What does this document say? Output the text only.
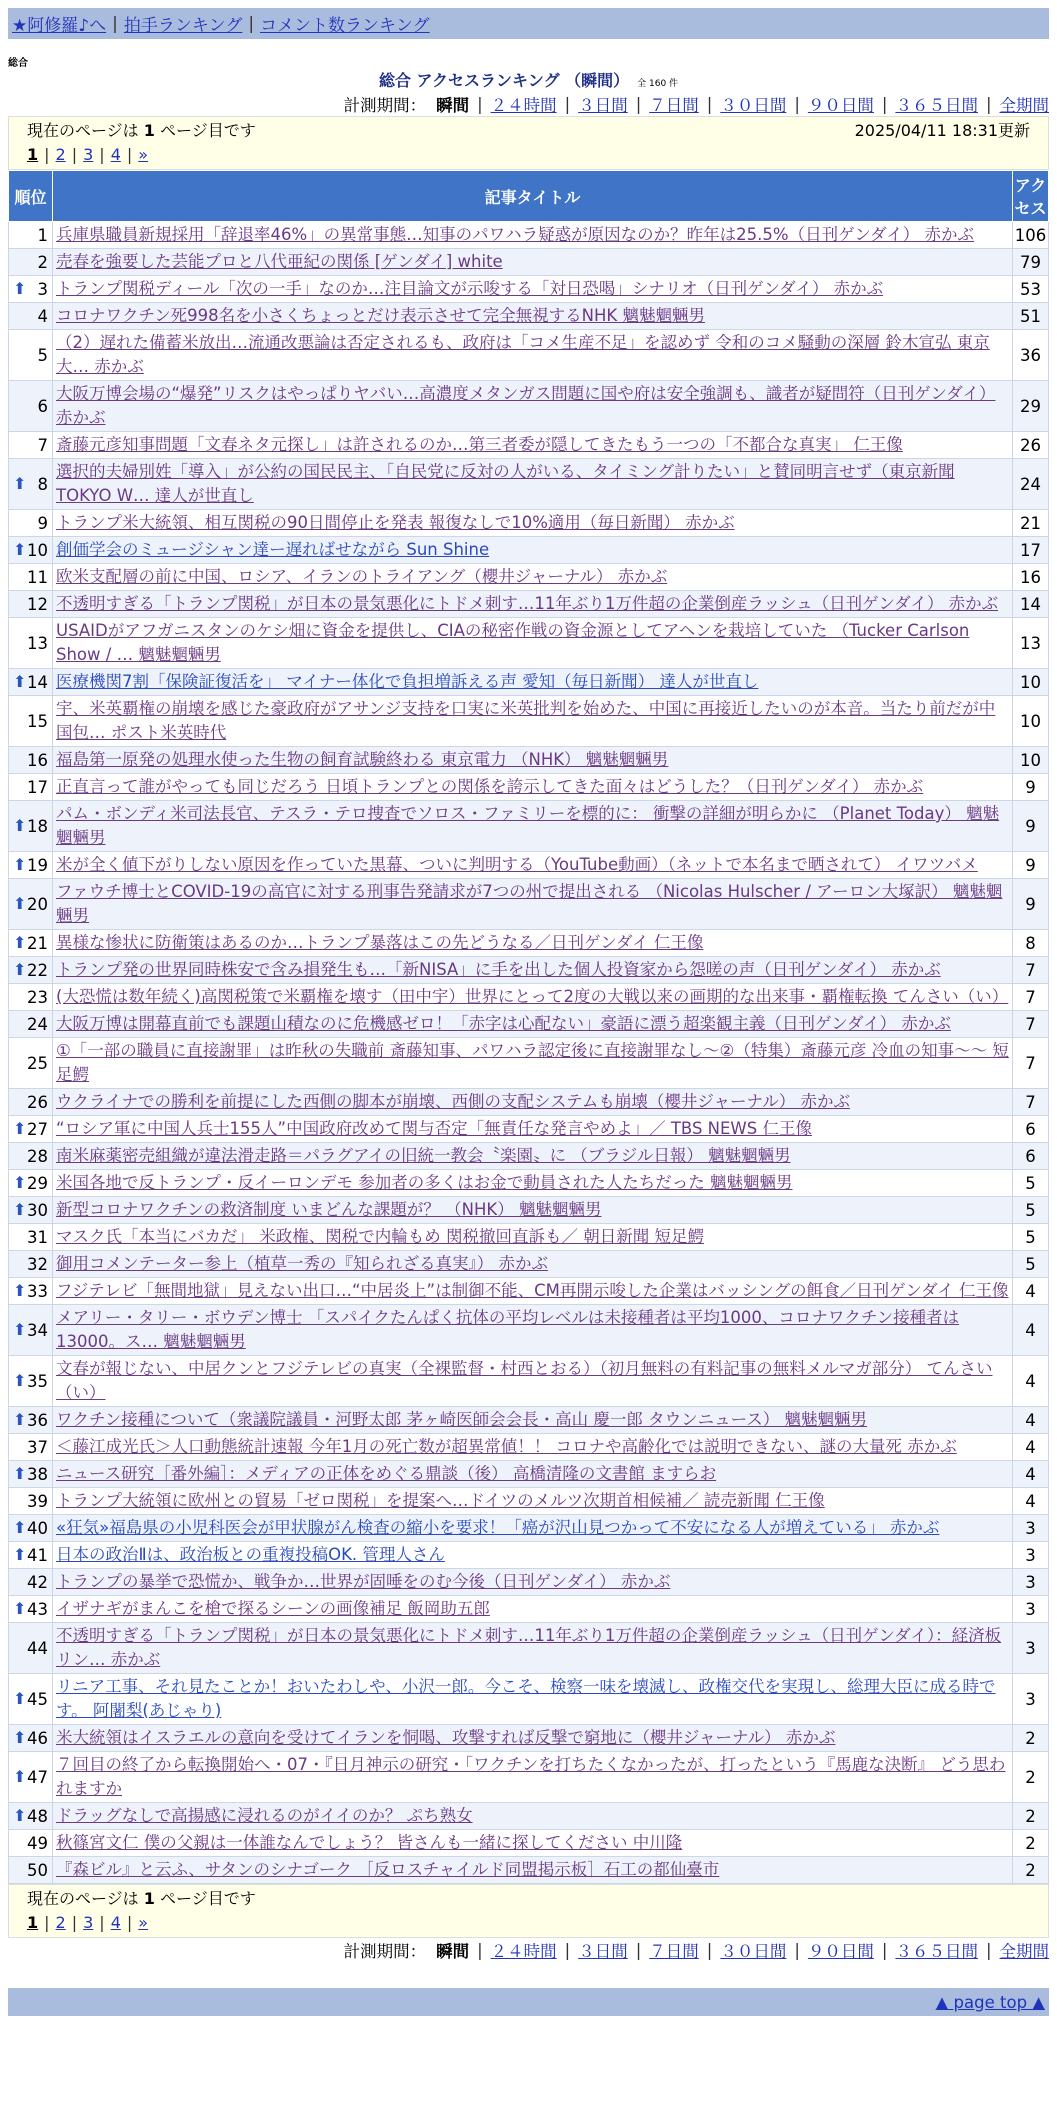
★阿修羅♪へ | 拍手ランキング | コメント数ランキング
総合
総合 アクセスランキング （瞬間） 全 160 件
計測期間： 瞬間 | ２４時間 | ３日間 | ７日間 | ３０日間 | ９０日間 | ３６５日間 | 全期間
現在のページは 1 ページ目です	2025/04/11 18:31更新
1 | 2 | 3 | 4 | »
順位	記事タイトル	アクセス
1	兵庫県職員新規採用「辞退率46%」の異常事態…知事のパワハラ疑惑が原因なのか？昨年は25.5%（日刊ゲンダイ） 赤かぶ	106
2	売春を強要した芸能プロと八代亜紀の関係 [ゲンダイ] white	79

⬆ 3	トランプ関税ディール「次の一手」なのか…注目論文が示唆する「対日恐喝」シナリオ（日刊ゲンダイ） 赤かぶ	53
4	コロナワクチン死998名を小さくちょっとだけ表示させて完全無視するNHK 魑魅魍魎男	51
5	（2）遅れた備蓄米放出…流通改悪論は否定されるも、政府は「コメ生産不足」を認めず 令和のコメ騒動の深層 鈴木宣弘 東京大… 赤かぶ	36
6	大阪万博会場の“爆発”リスクはやっぱりヤバい…高濃度メタンガス問題に国や府は安全強調も、識者が疑問符（日刊ゲンダイ） 赤かぶ	29
7	斎藤元彦知事問題「文春ネタ元探し」は許されるのか…第三者委が隠してきたもう一つの「不都合な真実」 仁王像	26

⬆ 8	選択的夫婦別姓「導入」が公約の国民民主、「自民党に反対の人がいる、タイミング計りたい」と賛同明言せず（東京新聞 TOKYO W… 達人が世直し	24
9	トランプ米大統領、相互関税の90日間停止を発表 報復なしで10%適用（毎日新聞） 赤かぶ	21

⬆ 10	創価学会のミュージシャン達ー遅ればせながら Sun Shine	17
11	欧米支配層の前に中国、ロシア、イランのトライアング（櫻井ジャーナル） 赤かぶ	16
12	不透明すぎる「トランプ関税」が日本の景気悪化にトドメ刺す…11年ぶり1万件超の企業倒産ラッシュ（日刊ゲンダイ） 赤かぶ	14
13	USAIDがアフガニスタンのケシ畑に資金を提供し、CIAの秘密作戦の資金源としてアヘンを栽培していた （Tucker Carlson Show / … 魑魅魍魎男	13

⬆ 14	医療機関7割「保険証復活を」 マイナー体化で負担増訴える声 愛知（毎日新聞） 達人が世直し	10
15	宇、米英覇権の崩壊を感じた豪政府がアサンジ支持を口実に米英批判を始めた、中国に再接近したいのが本音。当たり前だが中国包… ポスト米英時代	10
16	福島第一原発の処理水使った生物の飼育試験終わる 東京電力 （NHK） 魑魅魍魎男	10
17	正直言って誰がやっても同じだろう 日頃トランプとの関係を誇示してきた面々はどうした？（日刊ゲンダイ） 赤かぶ	9

⬆ 18	パム・ボンディ米司法長官、テスラ・テロ捜査でソロス・ファミリーを標的に： 衝撃の詳細が明らかに （Planet Today） 魑魅魍魎男	9

⬆ 19	米が全く値下がりしない原因を作っていた黒幕、ついに判明する（YouTube動画）（ネットで本名まで晒されて） イワツバメ	9

⬆ 20	ファウチ博士とCOVID-19の高官に対する刑事告発請求が7つの州で提出される （Nicolas Hulscher / アーロン大塚訳） 魑魅魍魎男	9

⬆ 21	異様な惨状に防衛策はあるのか…トランプ暴落はこの先どうなる／日刊ゲンダイ 仁王像	8

⬆ 22	トランプ発の世界同時株安で含み損発生も…「新NISA」に手を出した個人投資家から怨嗟の声（日刊ゲンダイ） 赤かぶ	7
23	(大恐慌は数年続く)高関税策で米覇権を壊す（田中宇）世界にとって2度の大戦以来の画期的な出来事・覇権転換 てんさい（い）	7
24	大阪万博は開幕直前でも課題山積なのに危機感ゼロ！「赤字は心配ない」豪語に漂う超楽観主義（日刊ゲンダイ） 赤かぶ	7
25	①「一部の職員に直接謝罪」は昨秋の失職前 斎藤知事、パワハラ認定後に直接謝罪なし〜②（特集）斎藤元彦 冷血の知事〜〜 短足鰐	7
26	ウクライナでの勝利を前提にした西側の脚本が崩壊、西側の支配システムも崩壊（櫻井ジャーナル） 赤かぶ	7

⬆ 27	“ロシア軍に中国人兵士155人”中国政府改めて関与否定「無責任な発言やめよ」／ TBS NEWS 仁王像	6
28	南米麻薬密売組織が違法滑走路＝パラグアイの旧統一教会〝楽園〟に （ブラジル日報） 魑魅魍魎男	6

⬆ 29	米国各地で反トランプ・反イーロンデモ 参加者の多くはお金で動員された人たちだった 魑魅魍魎男	5

⬆ 30	新型コロナワクチンの救済制度 いまどんな課題が？ （NHK） 魑魅魍魎男	5
31	マスク氏「本当にバカだ」 米政権、関税で内輪もめ 関税撤回直訴も／ 朝日新聞 短足鰐	5
32	御用コメンテーター参上（植草一秀の『知られざる真実』） 赤かぶ	5

⬆ 33	フジテレビ「無間地獄」見えない出口…“中居炎上”は制御不能、CM再開示唆した企業はバッシングの餌食／日刊ゲンダイ 仁王像	4

⬆ 34	メアリー・タリー・ボウデン博士 「スパイクたんぱく抗体の平均レベルは未接種者は平均1000、コロナワクチン接種者は13000。ス… 魑魅魍魎男	4

⬆ 35	文春が報じない、中居クンとフジテレビの真実（全裸監督・村西とおる）（初月無料の有料記事の無料メルマガ部分） てんさい（い）	4

⬆ 36	ワクチン接種について（衆議院議員・河野太郎 茅ヶ崎医師会会長・高山 慶一郎 タウンニュース） 魑魅魍魎男	4
37	＜藤江成光氏＞人口動態統計速報 今年1月の死亡数が超異常値！！ コロナや高齢化では説明できない、謎の大量死 赤かぶ	4

⬆ 38	ニュース研究［番外編］：メディアの正体をめぐる鼎談（後） 高橋清隆の文書館 ますらお	4
39	トランプ大統領に欧州との貿易「ゼロ関税」を提案へ…ドイツのメルツ次期首相候補／ 読売新聞 仁王像	4

⬆ 40	«狂気»福島県の小児科医会が甲状腺がん検査の縮小を要求！「癌が沢山見つかって不安になる人が増えている」 赤かぶ	3

⬆ 41	日本の政治Ⅱは、政治板との重複投稿OK. 管理人さん	3
42	トランプの暴挙で恐慌か、戦争か…世界が固唾をのむ今後（日刊ゲンダイ） 赤かぶ	3

⬆ 43	イザナギがまんこを槍で探るシーンの画像補足 飯岡助五郎	3
44	不透明すぎる「トランプ関税」が日本の景気悪化にトドメ刺す…11年ぶり1万件超の企業倒産ラッシュ（日刊ゲンダイ）：経済板リン… 赤かぶ	3

⬆ 45	リニア工事、それ見たことか！おいたわしや、小沢一郎。今こそ、検察一味を壊滅し、政権交代を実現し、総理大臣に成る時です。 阿闍梨(あじゃり)	3

⬆ 46	米大統領はイスラエルの意向を受けてイランを恫喝、攻撃すれば反撃で窮地に（櫻井ジャーナル） 赤かぶ	2

⬆ 47	７回目の終了から転換開始へ・07・『日月神示の研究・「ワクチンを打ちたくなかったが、打ったという『馬鹿な決断』 どう思われますか	2

⬆ 48	ドラッグなしで高揚感に浸れるのがイイのか？ ぷち熟女	2
49	秋篠宮文仁 僕の父親は一体誰なんでしょう？ 皆さんも一緒に探してください 中川隆	2
50	『森ビル』と云ふ、サタンのシナゴーク ［反ロスチャイルド同盟掲示板］石工の都仙臺市	2
現在のページは 1 ページ目です
1 | 2 | 3 | 4 | »
計測期間： 瞬間 | ２４時間 | ３日間 | ７日間 | ３０日間 | ９０日間 | ３６５日間 | 全期間
▲ page top ▲
